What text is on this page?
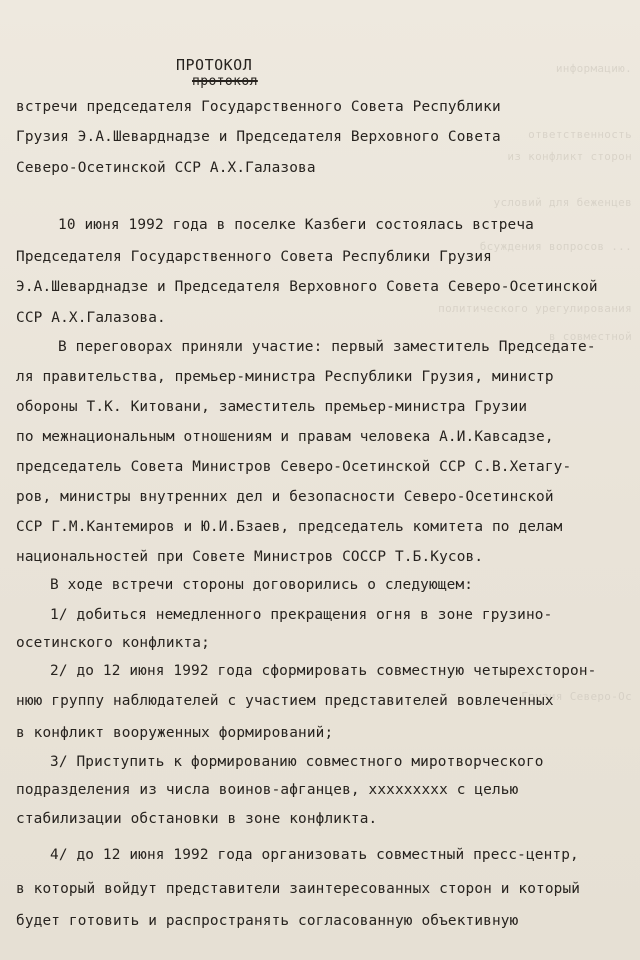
информацию.
ответственность
из конфликт сторон
условий для беженцев
бсуждения вопросов ...
политического урегулирования
в совместной
Грузия Северо-Ос
ПРОТОКОЛ
протокол
встречи председателя Государственного Совета Республики
Грузия Э.А.Шеварднадзе и Председателя Верховного Совета
Северо-Осетинской ССР А.Х.Галазова
10 июня 1992 года в поселке Казбеги состоялась встреча
Председателя Государственного Совета Республики Грузия
Э.А.Шеварднадзе и Председателя Верховного Совета Северо-Осетинской
ССР А.Х.Галазова.
В переговорах приняли участие: первый заместитель Председате-
ля правительства, премьер-министра Республики Грузия, министр
обороны Т.К. Китовани, заместитель премьер-министра Грузии
по межнациональным отношениям и правам человека А.И.Кавсадзе,
председатель Совета Министров Северо-Осетинской ССР С.В.Хетагу-
ров, министры внутренних дел и безопасности Северо-Осетинской
ССР Г.М.Кантемиров и Ю.И.Бзаев, председатель комитета по делам
национальностей при Совете Министров СОССР Т.Б.Кусов.
В ходе встречи стороны договорились о следующем:
1/ добиться немедленного прекращения огня в зоне грузино-
осетинского конфликта;
2/ до 12 июня 1992 года сформировать совместную четырехсторон-
нюю группу наблюдателей с участием представителей вовлеченных
в конфликт вооруженных формирований;
3/ Приступить к формированию совместного миротворческого
подразделения из числа воинов-афганцев, ххххххххх с целью
стабилизации обстановки в зоне конфликта.
4/ до 12 июня 1992 года организовать совместный пресс-центр,
в который войдут представители заинтересованных сторон и который
будет готовить и распространять согласованную объективную
